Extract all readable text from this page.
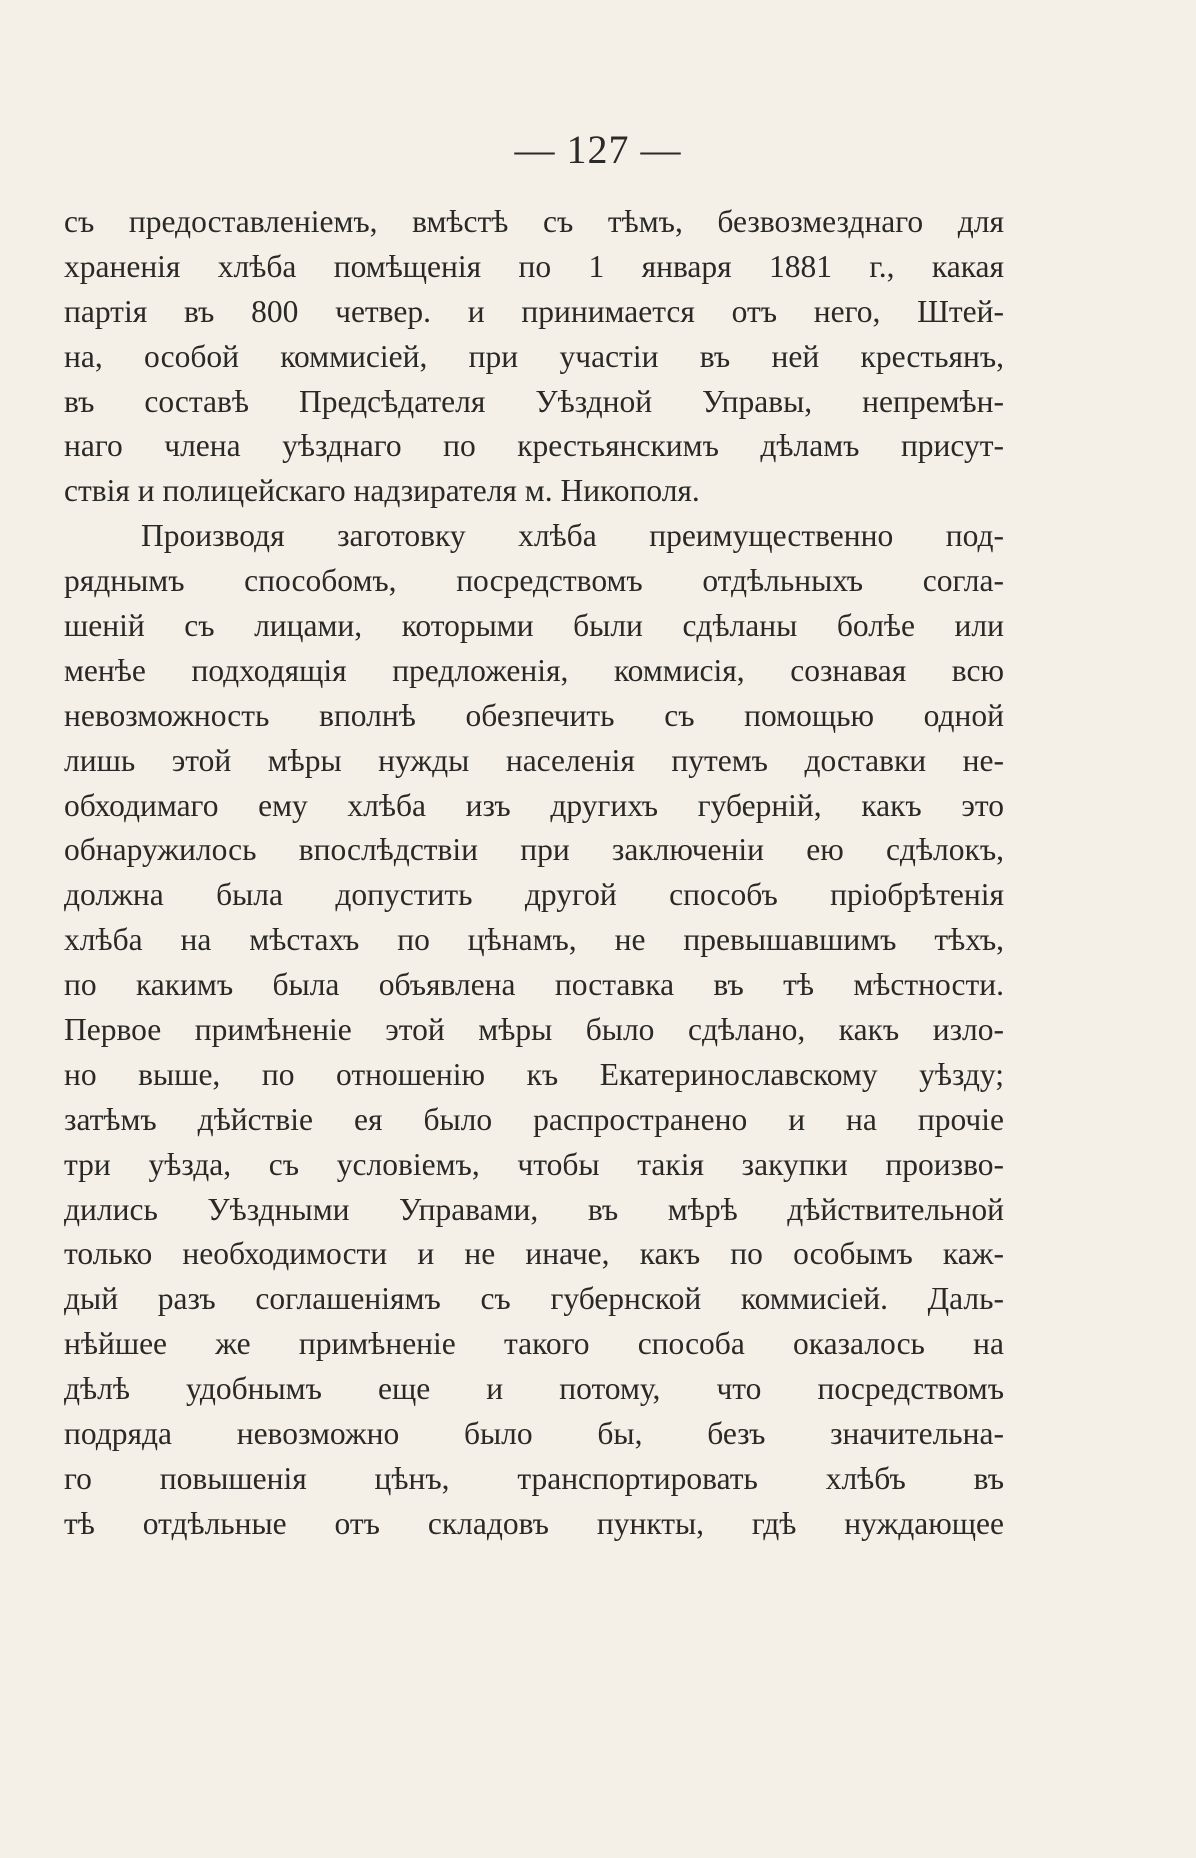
— 127 —
съ предоставленіемъ, вмѣстѣ съ тѣмъ, безвозмезднаго для
храненія хлѣба помѣщенія по 1 января 1881 г., какая
партія въ 800 четвер. и принимается отъ него, Штей-
на, особой коммисіей, при участіи въ ней крестьянъ,
въ составѣ Предсѣдателя Уѣздной Управы, непремѣн-
наго члена уѣзднаго по крестьянскимъ дѣламъ присут-
ствія и полицейскаго надзирателя м. Никополя.
Производя заготовку хлѣба преимущественно под-
ряднымъ способомъ, посредствомъ отдѣльныхъ согла-
шеній съ лицами, которыми были сдѣланы болѣе или
менѣе подходящія предложенія, коммисія, сознавая всю
невозможность вполнѣ обезпечить съ помощью одной
лишь этой мѣры нужды населенія путемъ доставки не-
обходимаго ему хлѣба изъ другихъ губерній, какъ это
обнаружилось впослѣдствіи при заключеніи ею сдѣлокъ,
должна была допустить другой способъ пріобрѣтенія
хлѣба на мѣстахъ по цѣнамъ, не превышавшимъ тѣхъ,
по какимъ была объявлена поставка въ тѣ мѣстности.
Первое примѣненіе этой мѣры было сдѣлано, какъ изло-
но выше, по отношенію къ Екатеринославскому уѣзду;
затѣмъ дѣйствіе ея было распространено и на прочіе
три уѣзда, съ условіемъ, чтобы такія закупки произво-
дились Уѣздными Управами, въ мѣрѣ дѣйствительной
только необходимости и не иначе, какъ по особымъ каж-
дый разъ соглашеніямъ съ губернской коммисіей. Даль-
нѣйшее же примѣненіе такого способа оказалось на
дѣлѣ удобнымъ еще и потому, что посредствомъ
подряда невозможно было бы, безъ значительна-
го повышенія цѣнъ, транспортировать хлѣбъ въ
тѣ отдѣльные отъ складовъ пункты, гдѣ нуждающее
